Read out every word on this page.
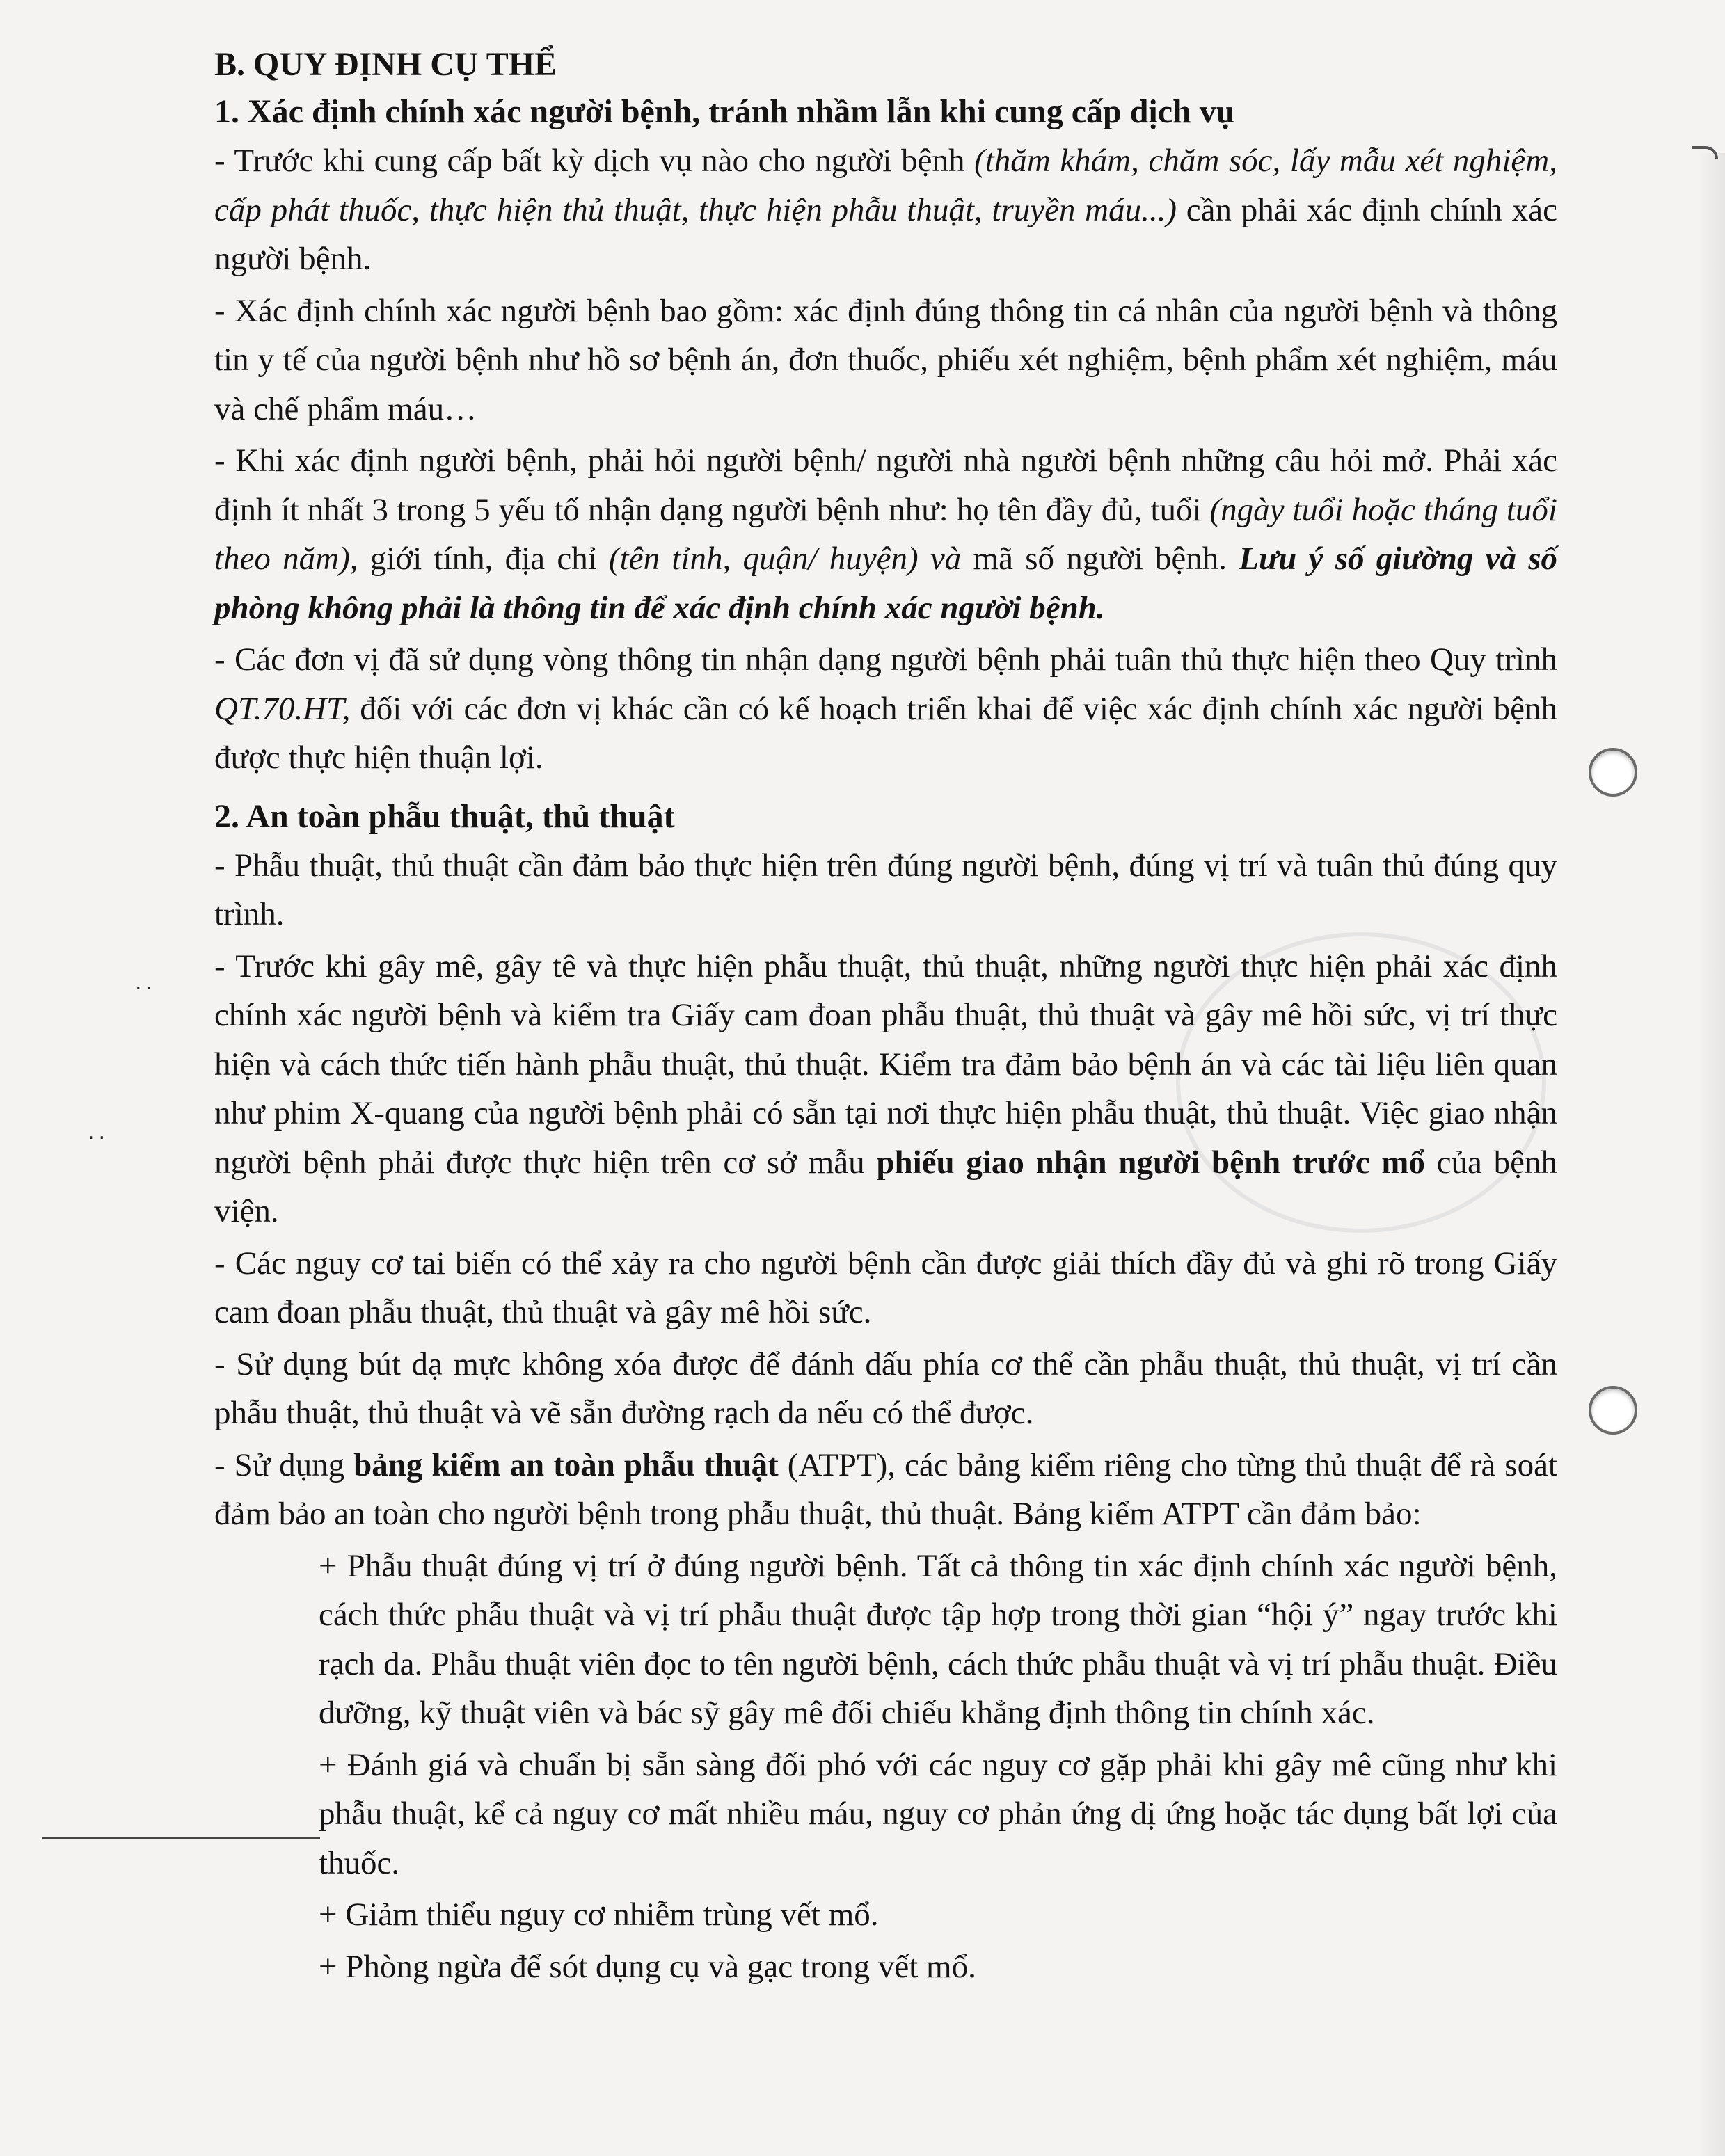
..
..

B. QUY ĐỊNH CỤ THỂ

1. Xác định chính xác người bệnh, tránh nhầm lẫn khi cung cấp dịch vụ

- Trước khi cung cấp bất kỳ dịch vụ nào cho người bệnh (thăm khám, chăm sóc, lấy mẫu xét nghiệm, cấp phát thuốc, thực hiện thủ thuật, thực hiện phẫu thuật, truyền máu...) cần phải xác định chính xác người bệnh.

- Xác định chính xác người bệnh bao gồm: xác định đúng thông tin cá nhân của người bệnh và thông tin y tế của người bệnh như hồ sơ bệnh án, đơn thuốc, phiếu xét nghiệm, bệnh phẩm xét nghiệm, máu và chế phẩm máu…

- Khi xác định người bệnh, phải hỏi người bệnh/ người nhà người bệnh những câu hỏi mở. Phải xác định ít nhất 3 trong 5 yếu tố nhận dạng người bệnh như: họ tên đầy đủ, tuổi (ngày tuổi hoặc tháng tuổi theo năm), giới tính, địa chỉ (tên tỉnh, quận/ huyện) và mã số người bệnh. Lưu ý số giường và số phòng không phải là thông tin để xác định chính xác người bệnh.

- Các đơn vị đã sử dụng vòng thông tin nhận dạng người bệnh phải tuân thủ thực hiện theo Quy trình QT.70.HT, đối với các đơn vị khác cần có kế hoạch triển khai để việc xác định chính xác người bệnh được thực hiện thuận lợi.

2. An toàn phẫu thuật, thủ thuật

- Phẫu thuật, thủ thuật cần đảm bảo thực hiện trên đúng người bệnh, đúng vị trí và tuân thủ đúng quy trình.

- Trước khi gây mê, gây tê và thực hiện phẫu thuật, thủ thuật, những người thực hiện phải xác định chính xác người bệnh và kiểm tra Giấy cam đoan phẫu thuật, thủ thuật và gây mê hồi sức, vị trí thực hiện và cách thức tiến hành phẫu thuật, thủ thuật. Kiểm tra đảm bảo bệnh án và các tài liệu liên quan như phim X-quang của người bệnh phải có sẵn tại nơi thực hiện phẫu thuật, thủ thuật. Việc giao nhận người bệnh phải được thực hiện trên cơ sở mẫu phiếu giao nhận người bệnh trước mổ của bệnh viện.

- Các nguy cơ tai biến có thể xảy ra cho người bệnh cần được giải thích đầy đủ và ghi rõ trong Giấy cam đoan phẫu thuật, thủ thuật và gây mê hồi sức.

- Sử dụng bút dạ mực không xóa được để đánh dấu phía cơ thể cần phẫu thuật, thủ thuật, vị trí cần phẫu thuật, thủ thuật và vẽ sẵn đường rạch da nếu có thể được.

- Sử dụng bảng kiểm an toàn phẫu thuật (ATPT), các bảng kiểm riêng cho từng thủ thuật để rà soát đảm bảo an toàn cho người bệnh trong phẫu thuật, thủ thuật. Bảng kiểm ATPT cần đảm bảo:

+ Phẫu thuật đúng vị trí ở đúng người bệnh. Tất cả thông tin xác định chính xác người bệnh, cách thức phẫu thuật và vị trí phẫu thuật được tập hợp trong thời gian “hội ý” ngay trước khi rạch da. Phẫu thuật viên đọc to tên người bệnh, cách thức phẫu thuật và vị trí phẫu thuật. Điều dưỡng, kỹ thuật viên và bác sỹ gây mê đối chiếu khẳng định thông tin chính xác.

+ Đánh giá và chuẩn bị sẵn sàng đối phó với các nguy cơ gặp phải khi gây mê cũng như khi phẫu thuật, kể cả nguy cơ mất nhiều máu, nguy cơ phản ứng dị ứng hoặc tác dụng bất lợi của thuốc.

+ Giảm thiểu nguy cơ nhiễm trùng vết mổ.

+ Phòng ngừa để sót dụng cụ và gạc trong vết mổ.
